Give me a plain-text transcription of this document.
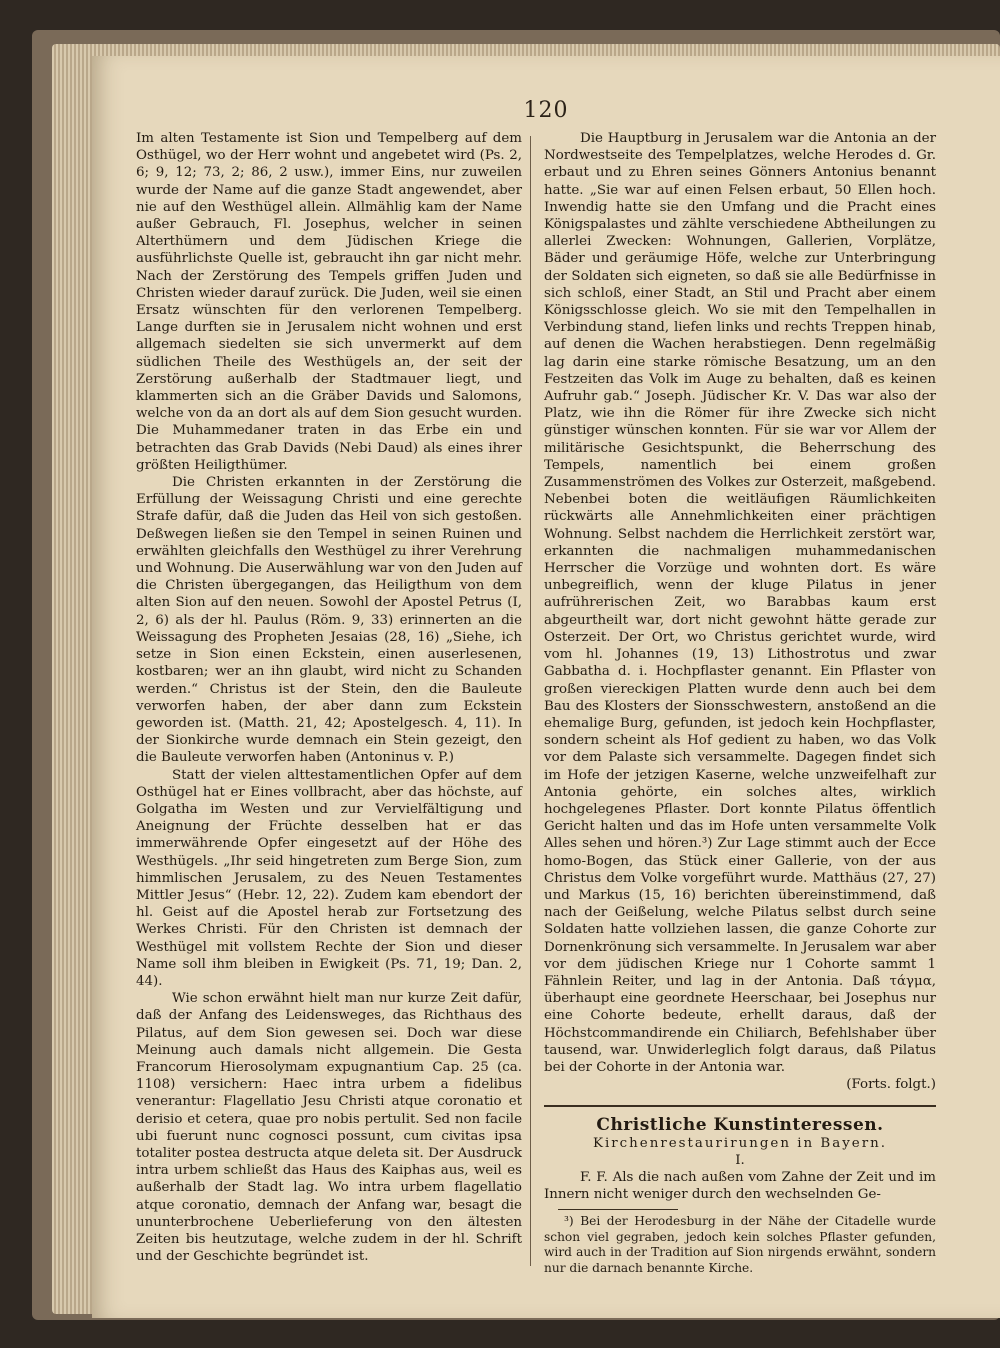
120

Im alten Testamente ist Sion und Tempelberg auf dem Osthügel, wo der Herr wohnt und angebetet wird (Ps. 2, 6; 9, 12; 73, 2; 86, 2 usw.), immer Eins, nur zuweilen wurde der Name auf die ganze Stadt angewendet, aber nie auf den Westhügel allein. Allmählig kam der Name außer Gebrauch, Fl. Josephus, welcher in seinen Alterthümern und dem Jüdischen Kriege die ausführlichste Quelle ist, gebraucht ihn gar nicht mehr. Nach der Zerstörung des Tempels griffen Juden und Christen wieder darauf zurück. Die Juden, weil sie einen Ersatz wünschten für den verlorenen Tempelberg. Lange durften sie in Jerusalem nicht wohnen und erst allgemach siedelten sie sich unvermerkt auf dem südlichen Theile des Westhügels an, der seit der Zerstörung außerhalb der Stadtmauer liegt, und klammerten sich an die Gräber Davids und Salomons, welche von da an dort als auf dem Sion gesucht wurden. Die Muhammedaner traten in das Erbe ein und betrachten das Grab Davids (Nebi Daud) als eines ihrer größten Heiligthümer.

Die Christen erkannten in der Zerstörung die Erfüllung der Weissagung Christi und eine gerechte Strafe dafür, daß die Juden das Heil von sich gestoßen. Deßwegen ließen sie den Tempel in seinen Ruinen und erwählten gleichfalls den Westhügel zu ihrer Verehrung und Wohnung. Die Auserwählung war von den Juden auf die Christen übergegangen, das Heiligthum von dem alten Sion auf den neuen. Sowohl der Apostel Petrus (I, 2, 6) als der hl. Paulus (Röm. 9, 33) erinnerten an die Weissagung des Propheten Jesaias (28, 16) „Siehe, ich setze in Sion einen Eckstein, einen auserlesenen, kostbaren; wer an ihn glaubt, wird nicht zu Schanden werden.“ Christus ist der Stein, den die Bauleute verworfen haben, der aber dann zum Eckstein geworden ist. (Matth. 21, 42; Apostelgesch. 4, 11). In der Sionkirche wurde demnach ein Stein gezeigt, den die Bauleute verworfen haben (Antoninus v. P.)

Statt der vielen alttestamentlichen Opfer auf dem Osthügel hat er Eines vollbracht, aber das höchste, auf Golgatha im Westen und zur Vervielfältigung und Aneignung der Früchte desselben hat er das immerwährende Opfer eingesetzt auf der Höhe des Westhügels. „Ihr seid hingetreten zum Berge Sion, zum himmlischen Jerusalem, zu des Neuen Testamentes Mittler Jesus“ (Hebr. 12, 22). Zudem kam ebendort der hl. Geist auf die Apostel herab zur Fortsetzung des Werkes Christi. Für den Christen ist demnach der Westhügel mit vollstem Rechte der Sion und dieser Name soll ihm bleiben in Ewigkeit (Ps. 71, 19; Dan. 2, 44).

Wie schon erwähnt hielt man nur kurze Zeit dafür, daß der Anfang des Leidensweges, das Richthaus des Pilatus, auf dem Sion gewesen sei. Doch war diese Meinung auch damals nicht allgemein. Die Gesta Francorum Hierosolymam expugnantium Cap. 25 (ca. 1108) versichern: Haec intra urbem a fidelibus venerantur: Flagellatio Jesu Christi atque coronatio et derisio et cetera, quae pro nobis pertulit. Sed non facile ubi fuerunt nunc cognosci possunt, cum civitas ipsa totaliter postea destructa atque deleta sit. Der Ausdruck intra urbem schließt das Haus des Kaiphas aus, weil es außerhalb der Stadt lag. Wo intra urbem flagellatio atque coronatio, demnach der Anfang war, besagt die ununterbrochene Ueberlieferung von den ältesten Zeiten bis heutzutage, welche zudem in der hl. Schrift und der Geschichte begründet ist.

Die Hauptburg in Jerusalem war die Antonia an der Nordwestseite des Tempelplatzes, welche Herodes d. Gr. erbaut und zu Ehren seines Gönners Antonius benannt hatte. „Sie war auf einen Felsen erbaut, 50 Ellen hoch. Inwendig hatte sie den Umfang und die Pracht eines Königspalastes und zählte verschiedene Abtheilungen zu allerlei Zwecken: Wohnungen, Gallerien, Vorplätze, Bäder und geräumige Höfe, welche zur Unterbringung der Soldaten sich eigneten, so daß sie alle Bedürfnisse in sich schloß, einer Stadt, an Stil und Pracht aber einem Königsschlosse gleich. Wo sie mit den Tempelhallen in Verbindung stand, liefen links und rechts Treppen hinab, auf denen die Wachen herabstiegen. Denn regelmäßig lag darin eine starke römische Besatzung, um an den Festzeiten das Volk im Auge zu behalten, daß es keinen Aufruhr gab.“ Joseph. Jüdischer Kr. V. Das war also der Platz, wie ihn die Römer für ihre Zwecke sich nicht günstiger wünschen konnten. Für sie war vor Allem der militärische Gesichtspunkt, die Beherrschung des Tempels, namentlich bei einem großen Zusammenströmen des Volkes zur Osterzeit, maßgebend. Nebenbei boten die weitläufigen Räumlichkeiten rückwärts alle Annehmlichkeiten einer prächtigen Wohnung. Selbst nachdem die Herrlichkeit zerstört war, erkannten die nachmaligen muhammedanischen Herrscher die Vorzüge und wohnten dort. Es wäre unbegreiflich, wenn der kluge Pilatus in jener aufrührerischen Zeit, wo Barabbas kaum erst abgeurtheilt war, dort nicht gewohnt hätte gerade zur Osterzeit. Der Ort, wo Christus gerichtet wurde, wird vom hl. Johannes (19, 13) Lithostrotus und zwar Gabbatha d. i. Hochpflaster genannt. Ein Pflaster von großen viereckigen Platten wurde denn auch bei dem Bau des Klosters der Sionsschwestern, anstoßend an die ehemalige Burg, gefunden, ist jedoch kein Hochpflaster, sondern scheint als Hof gedient zu haben, wo das Volk vor dem Palaste sich versammelte. Dagegen findet sich im Hofe der jetzigen Kaserne, welche unzweifelhaft zur Antonia gehörte, ein solches altes, wirklich hochgelegenes Pflaster. Dort konnte Pilatus öffentlich Gericht halten und das im Hofe unten versammelte Volk Alles sehen und hören.³) Zur Lage stimmt auch der Ecce homo-Bogen, das Stück einer Gallerie, von der aus Christus dem Volke vorgeführt wurde. Matthäus (27, 27) und Markus (15, 16) berichten übereinstimmend, daß nach der Geißelung, welche Pilatus selbst durch seine Soldaten hatte vollziehen lassen, die ganze Cohorte zur Dornenkrönung sich versammelte. In Jerusalem war aber vor dem jüdischen Kriege nur 1 Cohorte sammt 1 Fähnlein Reiter, und lag in der Antonia. Daß τάγμα, überhaupt eine geordnete Heerschaar, bei Josephus nur eine Cohorte bedeute, erhellt daraus, daß der Höchstcommandirende ein Chiliarch, Befehlshaber über tausend, war. Unwiderleglich folgt daraus, daß Pilatus bei der Cohorte in der Antonia war.

(Forts. folgt.)

Christliche Kunstinteressen.

Kirchenrestaurirungen in Bayern.

I.

F. F. Als die nach außen vom Zahne der Zeit und im Innern nicht weniger durch den wechselnden Ge-

³) Bei der Herodesburg in der Nähe der Citadelle wurde schon viel gegraben, jedoch kein solches Pflaster gefunden, wird auch in der Tradition auf Sion nirgends erwähnt, sondern nur die darnach benannte Kirche.
